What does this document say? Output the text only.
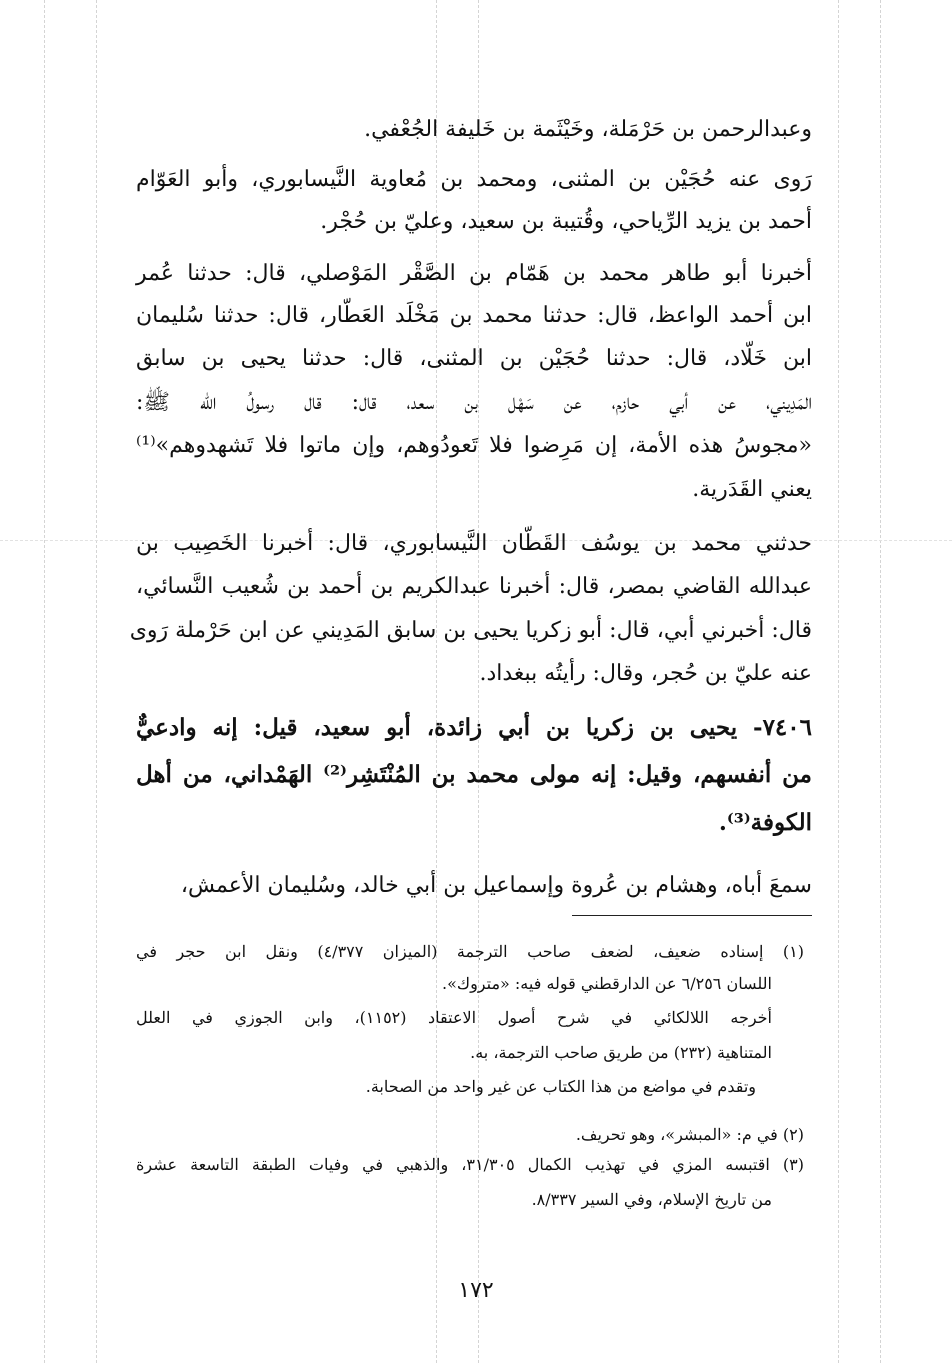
وعبدالرحمن بن حَرْمَلة، وخَيْثَمة بن خَليفة الجُعْفي.
رَوى عنه حُجَيْن بن المثنى، ومحمد بن مُعاوية النَّيسابوري، وأبو العَوّام
أحمد بن يزيد الرِّياحي، وقُتيبة بن سعيد، وعليّ بن حُجْر.
أخبرنا أبو طاهر محمد بن هَمّام بن الصَّقْر المَوْصلي، قال: حدثنا عُمر
ابن أحمد الواعظ، قال: حدثنا محمد بن مَخْلَد العَطّار، قال: حدثنا سُليمان
ابن خَلّاد، قال: حدثنا حُجَيْن بن المثنى، قال: حدثنا يحيى بن سابق
المَدِيني، عن أبي حازم، عن سَهْل بن سعد، قال: قال رسولُ الله ﷺ:
«مجوسُ هذه الأمة، إن مَرِضوا فلا تَعودُوهم، وإن ماتوا فلا تَشهدوهم»⁽¹⁾
يعني القَدَرية.
حدثني محمد بن يوسُف القَطّان النَّيسابوري، قال: أخبرنا الخَصِيب بن
عبدالله القاضي بمصر، قال: أخبرنا عبدالكريم بن أحمد بن شُعيب النَّسائي،
قال: أخبرني أبي، قال: أبو زكريا يحيى بن سابق المَدِيني عن ابن حَرْملة رَوى
عنه عليّ بن حُجر، وقال: رأيتُه ببغداد.
٧٤٠٦- يحيى بن زكريا بن أبي زائدة، أبو سعيد، قيل: إنه وادعيٌّ
من أنفسهم، وقيل: إنه مولى محمد بن المُنْتَشِر⁽²⁾ الهَمْداني، من أهل
الكوفة⁽³⁾.
سمعَ أباه، وهشام بن عُروة وإسماعيل بن أبي خالد، وسُليمان الأعمش،
(١) إسناده ضعيف، لضعف صاحب الترجمة (الميزان ٤/٣٧٧) ونقل ابن حجر في
اللسان ٦/٢٥٦ عن الدارقطني قوله فيه: «متروك».
أخرجه اللالكائي في شرح أصول الاعتقاد (١١٥٢)، وابن الجوزي في العلل
المتناهية (٢٣٢) من طريق صاحب الترجمة، به.
وتقدم في مواضع من هذا الكتاب عن غير واحد من الصحابة.
(٢) في م: «المبشر»، وهو تحريف.
(٣) اقتبسه المزي في تهذيب الكمال ٣١/٣٠٥، والذهبي في وفيات الطبقة التاسعة عشرة
من تاريخ الإسلام، وفي السير ٨/٣٣٧.
١٧٢
